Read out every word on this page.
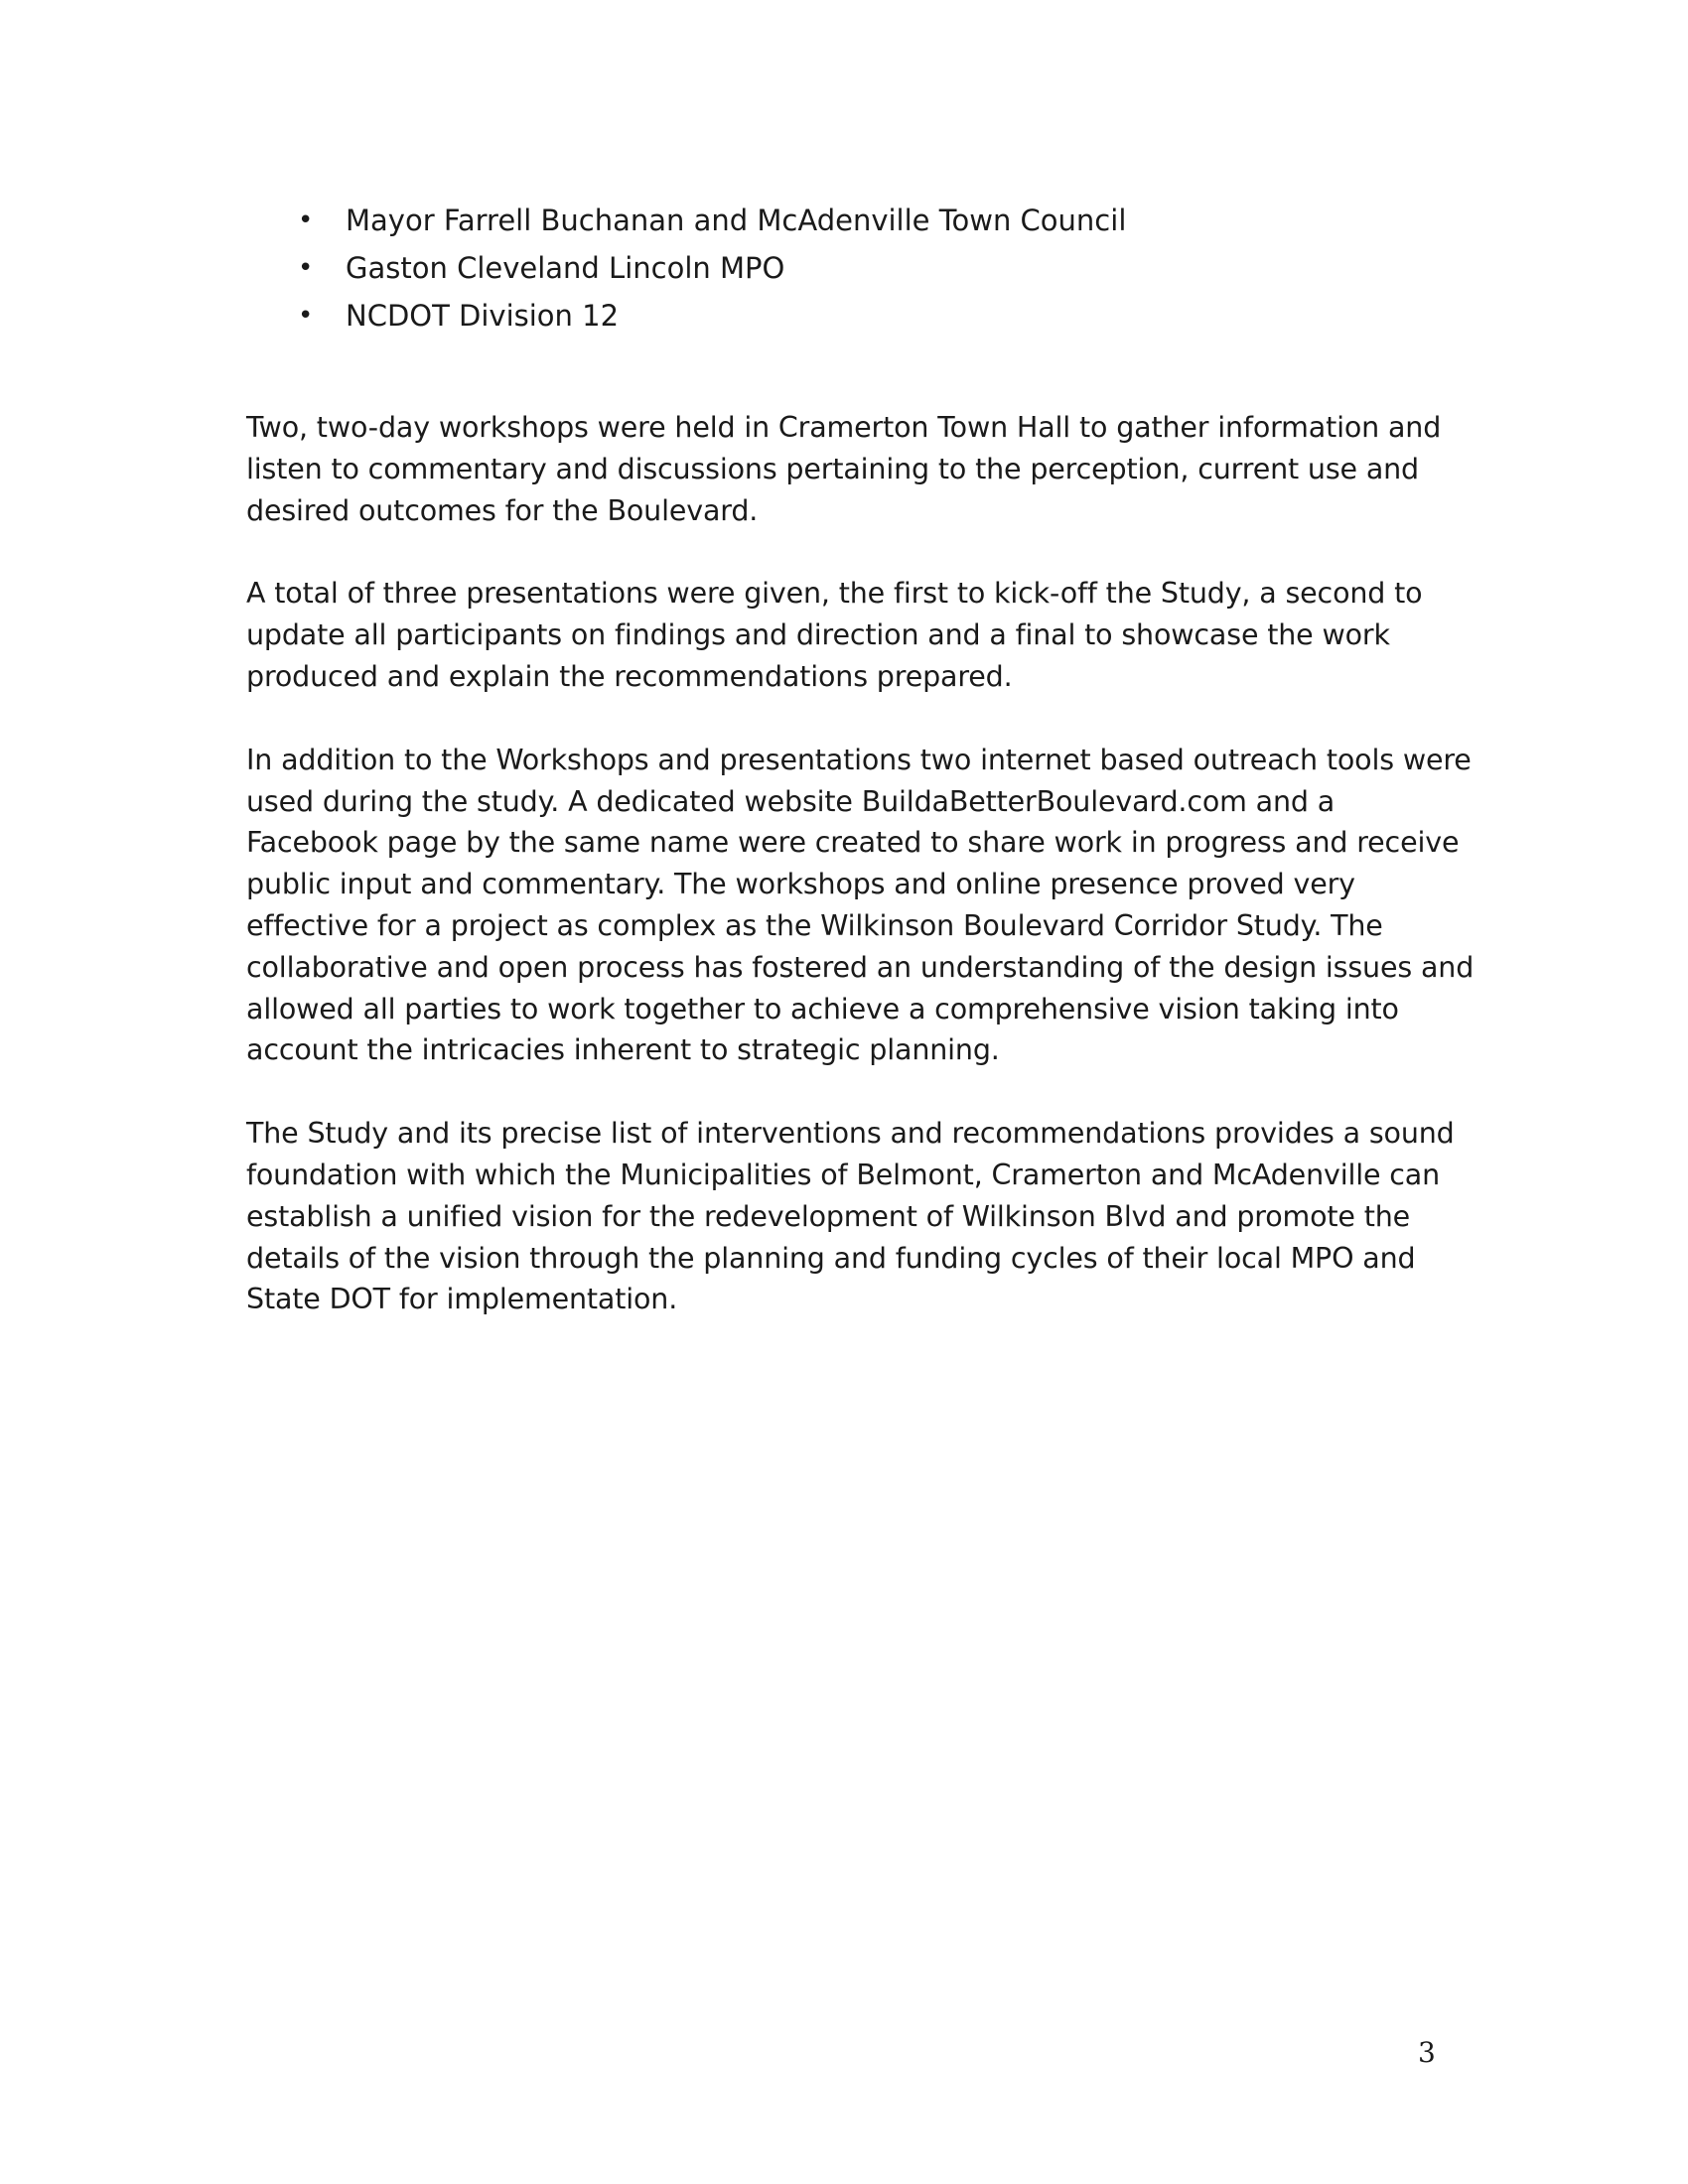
• Mayor Farrell Buchanan and McAdenville Town Council
• Gaston Cleveland Lincoln MPO
• NCDOT Division 12

Two, two-day workshops were held in Cramerton Town Hall to gather information and
listen to commentary and discussions pertaining to the perception, current use and
desired outcomes for the Boulevard.

A total of three presentations were given, the first to kick-off the Study, a second to
update all participants on findings and direction and a final to showcase the work
produced and explain the recommendations prepared.

In addition to the Workshops and presentations two internet based outreach tools were
used during the study. A dedicated website BuildaBetterBoulevard.com and a
Facebook page by the same name were created to share work in progress and receive
public input and commentary. The workshops and online presence proved very
effective for a project as complex as the Wilkinson Boulevard Corridor Study. The
collaborative and open process has fostered an understanding of the design issues and
allowed all parties to work together to achieve a comprehensive vision taking into
account the intricacies inherent to strategic planning.

The Study and its precise list of interventions and recommendations provides a sound
foundation with which the Municipalities of Belmont, Cramerton and McAdenville can
establish a unified vision for the redevelopment of Wilkinson Blvd and promote the
details of the vision through the planning and funding cycles of their local MPO and
State DOT for implementation.

3
